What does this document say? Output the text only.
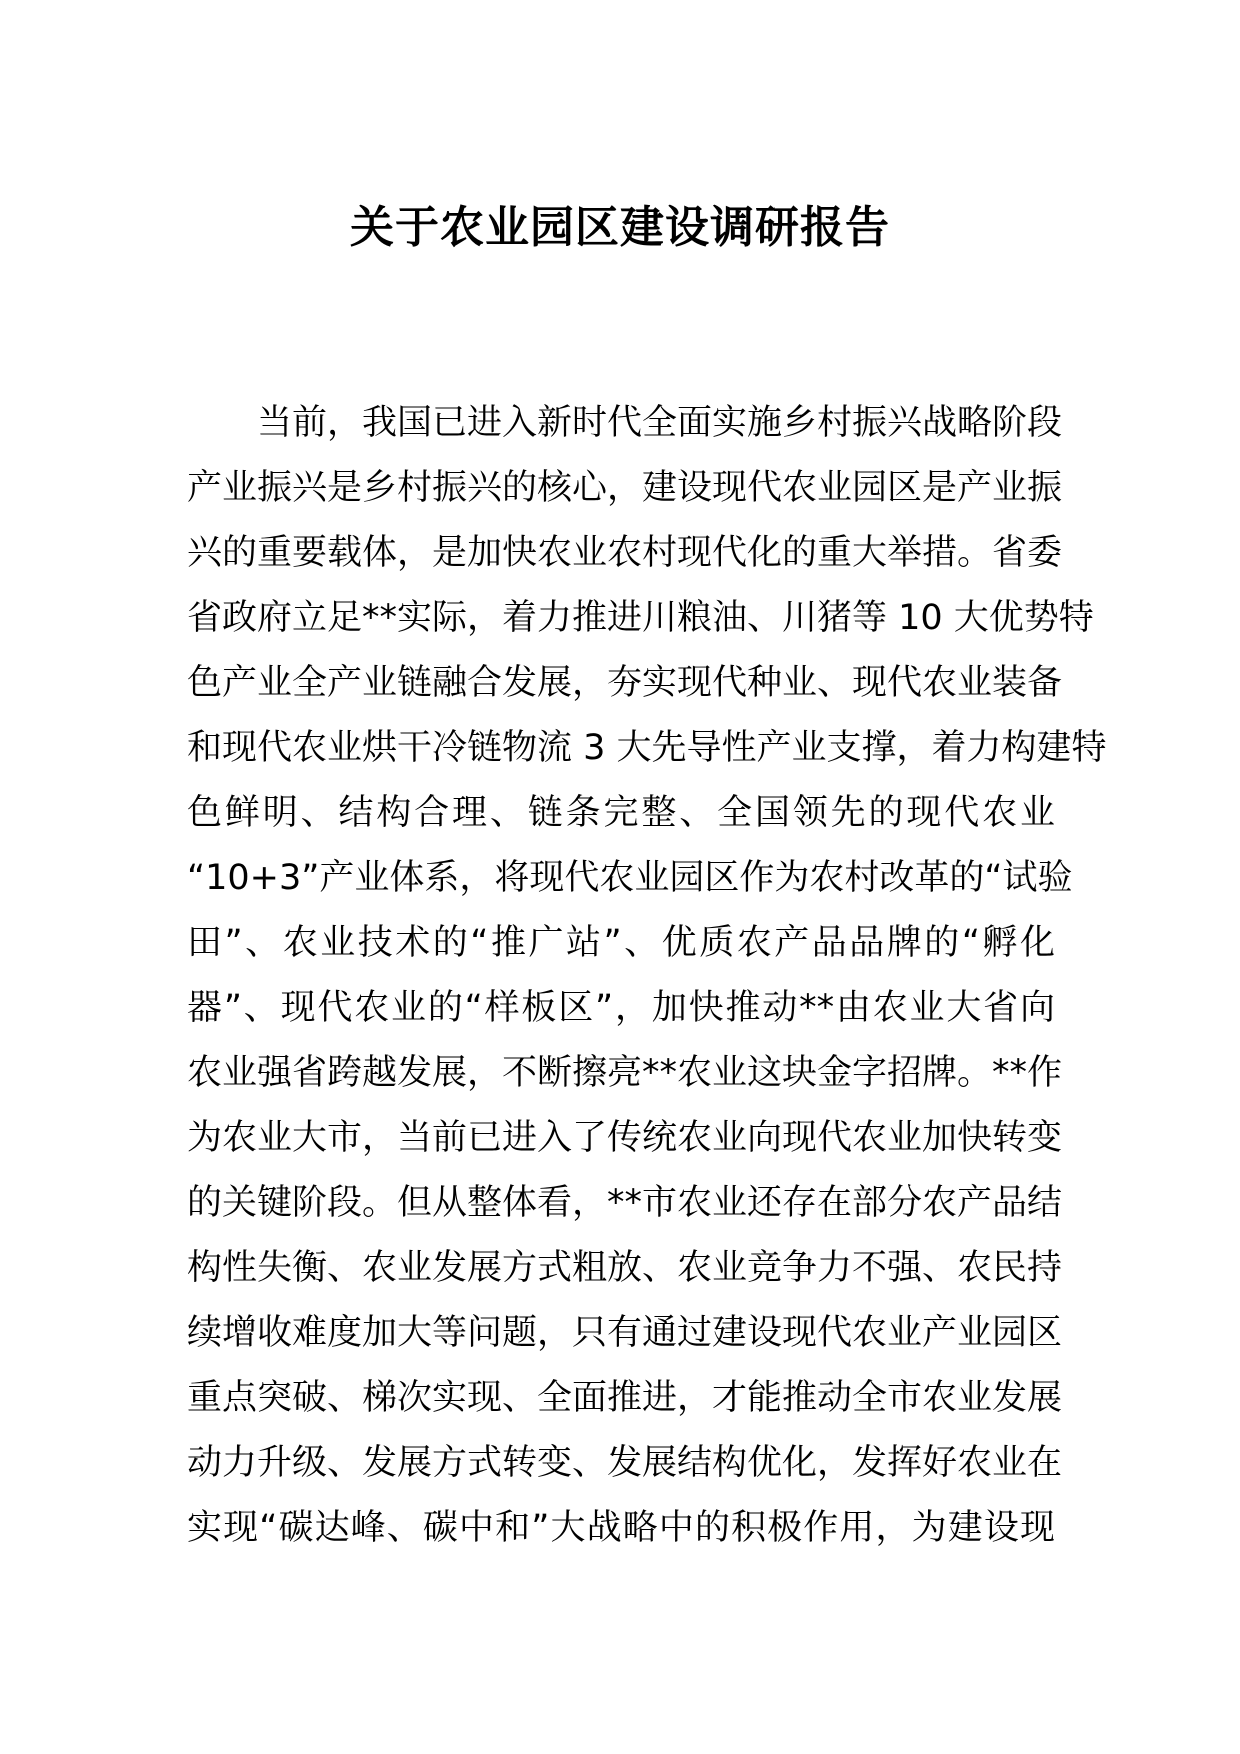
关于农业园区建设调研报告
当前，我国已进入新时代全面实施乡村振兴战略阶段
产业振兴是乡村振兴的核心，建设现代农业园区是产业振
兴的重要载体，是加快农业农村现代化的重大举措。省委
省政府立足**实际，着力推进川粮油、川猪等 10 大优势特
色产业全产业链融合发展，夯实现代种业、现代农业装备
和现代农业烘干冷链物流 3 大先导性产业支撑，着力构建特
色鲜明、结构合理、链条完整、全国领先的现代农业
“10+3”产业体系，将现代农业园区作为农村改革的“试验
田”、农业技术的“推广站”、优质农产品品牌的“孵化
器”、现代农业的“样板区”，加快推动**由农业大省向
农业强省跨越发展，不断擦亮**农业这块金字招牌。**作
为农业大市，当前已进入了传统农业向现代农业加快转变
的关键阶段。但从整体看，**市农业还存在部分农产品结
构性失衡、农业发展方式粗放、农业竞争力不强、农民持
续增收难度加大等问题，只有通过建设现代农业产业园区
重点突破、梯次实现、全面推进，才能推动全市农业发展
动力升级、发展方式转变、发展结构优化，发挥好农业在
实现“碳达峰、碳中和”大战略中的积极作用，为建设现
